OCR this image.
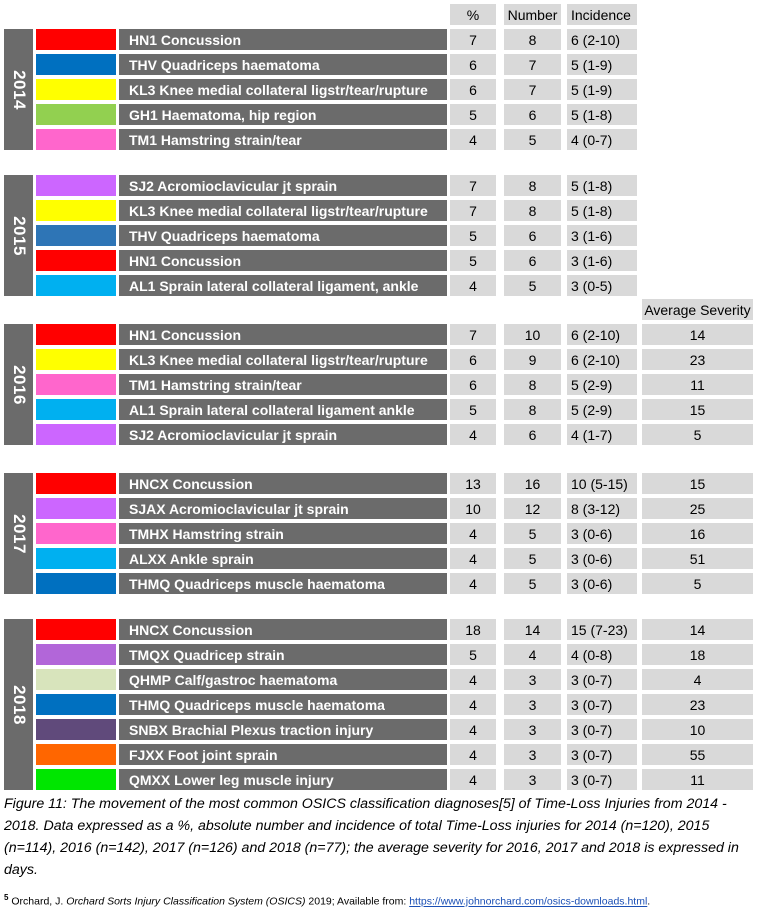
%	Number Incidence
Average Severity
2014
HN1 Concussion	7	8	6 (2-10)
THV Quadriceps haematoma	6	7	5 (1-9)
KL3 Knee medial collateral ligstr/tear/rupture	6	7	5 (1-9)
GH1 Haematoma, hip region	5	6	5 (1-8)
TM1 Hamstring strain/tear	4	5	4 (0-7)
2015
SJ2 Acromioclavicular jt sprain	7	8	5 (1-8)
KL3 Knee medial collateral ligstr/tear/rupture	7	8	5 (1-8)
THV Quadriceps haematoma	5	6	3 (1-6)
HN1 Concussion	5	6	3 (1-6)
AL1 Sprain lateral collateral ligament, ankle	4	5	3 (0-5)
2016
HN1 Concussion	7	10	6 (2-10)	14
KL3 Knee medial collateral ligstr/tear/rupture	6	9	6 (2-10)	23
TM1 Hamstring strain/tear	6	8	5 (2-9)	11
AL1 Sprain lateral collateral ligament ankle	5	8	5 (2-9)	15
SJ2 Acromioclavicular jt sprain	4	6	4 (1-7)	5
2017
HNCX Concussion	13	16	10 (5-15)	15
SJAX Acromioclavicular jt sprain	10	12	8 (3-12)	25
TMHX Hamstring strain	4	5	3 (0-6)	16
ALXX Ankle sprain	4	5	3 (0-6)	51
THMQ Quadriceps muscle haematoma	4	5	3 (0-6)	5
2018
HNCX Concussion	18	14	15 (7-23)	14
TMQX Quadricep strain	5	4	4 (0-8)	18
QHMP Calf/gastroc haematoma	4	3	3 (0-7)	4
THMQ Quadriceps muscle haematoma	4	3	3 (0-7)	23
SNBX Brachial Plexus traction injury	4	3	3 (0-7)	10
FJXX Foot joint sprain	4	3	3 (0-7)	55
QMXX Lower leg muscle injury	4	3	3 (0-7)	11
Figure 11: The movement of the most common OSICS classification diagnoses[5] of Time-Loss Injuries from 2014 - 2018. Data expressed as a %, absolute number and incidence of total Time-Loss injuries for 2014 (n=120), 2015 (n=114), 2016 (n=142), 2017 (n=126) and 2018 (n=77); the average severity for 2016, 2017 and 2018 is expressed in days.
$^5$ Orchard, J. Orchard Sorts Injury Classification System (OSICS) 2019; Available from: https://www.johnorchard.com/osics-downloads.html.
